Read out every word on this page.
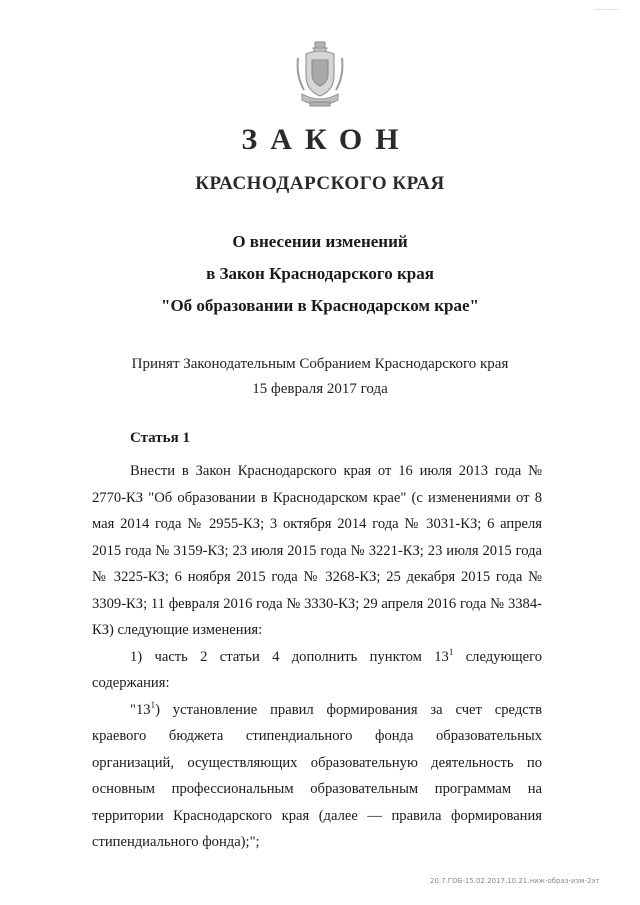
--------
ЗАКОН
КРАСНОДАРСКОГО КРАЯ
О внесении изменений
в Закон Краснодарского края
"Об образовании в Краснодарском крае"
Принят Законодательным Собранием Краснодарского края
15 февраля 2017 года
Статья 1

Внести в Закон Краснодарского края от 16 июля 2013 года № 2770-КЗ "Об образовании в Краснодарском крае" (с изменениями от 8 мая 2014 года № 2955-КЗ; 3 октября 2014 года № 3031-КЗ; 6 апреля 2015 года № 3159-КЗ; 23 июля 2015 года № 3221-КЗ; 23 июля 2015 года № 3225-КЗ; 6 ноября 2015 года № 3268-КЗ; 25 декабря 2015 года № 3309-КЗ; 11 февраля 2016 года № 3330-КЗ; 29 апреля 2016 года № 3384-КЗ) следующие изменения:

1) часть 2 статьи 4 дополнить пунктом $13^1$ следующего содержания:

"$13^1$) установление правил формирования за счет средств краевого бюджета стипендиального фонда образовательных организаций, осуществляющих образовательную деятельность по основным профессиональным образовательным программам на территории Краснодарского края (далее — правила формирования стипендиального фонда);";

20.7.ГОБ-15.02.2017.10.21.ниж-образ-изм-2эт
